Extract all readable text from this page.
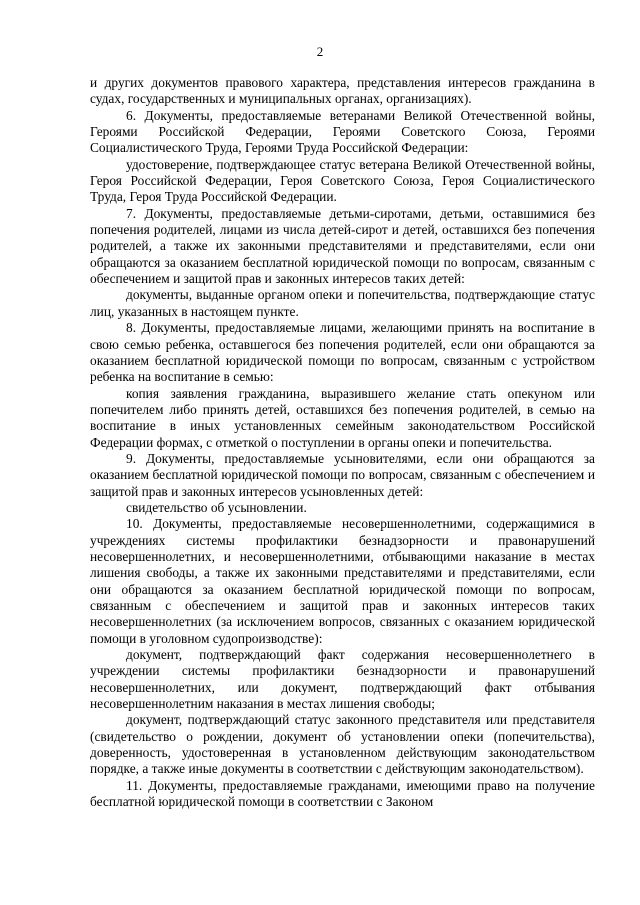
2

и других документов правового характера, представления интересов гражданина в судах, государственных и муниципальных органах, организациях).

6. Документы, предоставляемые ветеранами Великой Отечественной войны, Героями Российской Федерации, Героями Советского Союза, Героями Социалистического Труда, Героями Труда Российской Федерации:

удостоверение, подтверждающее статус ветерана Великой Отечественной войны, Героя Российской Федерации, Героя Советского Союза, Героя Социалистического Труда, Героя Труда Российской Федерации.

7. Документы, предоставляемые детьми-сиротами, детьми, оставшимися без попечения родителей, лицами из числа детей-сирот и детей, оставшихся без попечения родителей, а также их законными представителями и представителями, если они обращаются за оказанием бесплатной юридической помощи по вопросам, связанным с обеспечением и защитой прав и законных интересов таких детей:

документы, выданные органом опеки и попечительства, подтверждающие статус лиц, указанных в настоящем пункте.

8. Документы, предоставляемые лицами, желающими принять на воспитание в свою семью ребенка, оставшегося без попечения родителей, если они обращаются за оказанием бесплатной юридической помощи по вопросам, связанным с устройством ребенка на воспитание в семью:

копия заявления гражданина, выразившего желание стать опекуном или попечителем либо принять детей, оставшихся без попечения родителей, в семью на воспитание в иных установленных семейным законодательством Российской Федерации формах, с отметкой о поступлении в органы опеки и попечительства.

9. Документы, предоставляемые усыновителями, если они обращаются за оказанием бесплатной юридической помощи по вопросам, связанным с обеспечением и защитой прав и законных интересов усыновленных детей:

свидетельство об усыновлении.

10. Документы, предоставляемые несовершеннолетними, содержащимися в учреждениях системы профилактики безнадзорности и правонарушений несовершеннолетних, и несовершеннолетними, отбывающими наказание в местах лишения свободы, а также их законными представителями и представителями, если они обращаются за оказанием бесплатной юридической помощи по вопросам, связанным с обеспечением и защитой прав и законных интересов таких несовершеннолетних (за исключением вопросов, связанных с оказанием юридической помощи в уголовном судопроизводстве):

документ, подтверждающий факт содержания несовершеннолетнего в учреждении системы профилактики безнадзорности и правонарушений несовершеннолетних, или документ, подтверждающий факт отбывания несовершеннолетним наказания в местах лишения свободы;

документ, подтверждающий статус законного представителя или представителя (свидетельство о рождении, документ об установлении опеки (попечительства), доверенность, удостоверенная в установленном действующим законодательством порядке, а также иные документы в соответствии с действующим законодательством).

11. Документы, предоставляемые гражданами, имеющими право на получение бесплатной юридической помощи в соответствии с Законом
